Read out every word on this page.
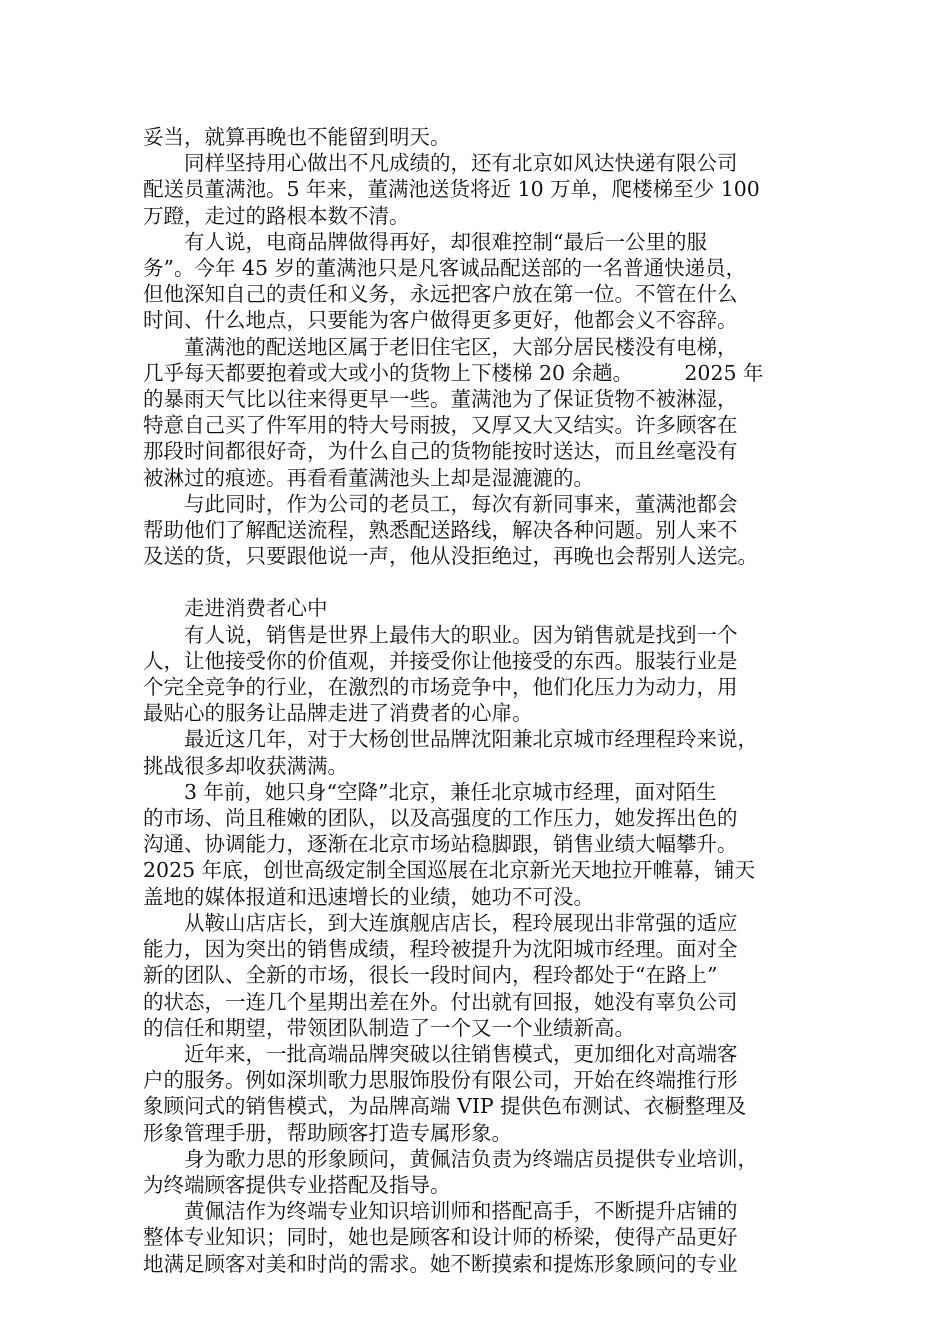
妥当，就算再晚也不能留到明天。
　　同样坚持用心做出不凡成绩的，还有北京如风达快递有限公司
配送员董满池。5 年来，董满池送货将近 10 万单，爬楼梯至少 100
万蹬，走过的路根本数不清。
　　有人说，电商品牌做得再好，却很难控制“最后一公里的服
务”。今年 45 岁的董满池只是凡客诚品配送部的一名普通快递员，
但他深知自己的责任和义务，永远把客户放在第一位。不管在什么
时间、什么地点，只要能为客户做得更多更好，他都会义不容辞。
　　董满池的配送地区属于老旧住宅区，大部分居民楼没有电梯，
几乎每天都要抱着或大或小的货物上下楼梯 20 余趟。　　　2025 年
的暴雨天气比以往来得更早一些。董满池为了保证货物不被淋湿，
特意自己买了件军用的特大号雨披，又厚又大又结实。许多顾客在
那段时间都很好奇，为什么自己的货物能按时送达，而且丝毫没有
被淋过的痕迹。再看看董满池头上却是湿漉漉的。
　　与此同时，作为公司的老员工，每次有新同事来，董满池都会
帮助他们了解配送流程，熟悉配送路线，解决各种问题。别人来不
及送的货，只要跟他说一声，他从没拒绝过，再晚也会帮别人送完。
　　走进消费者心中
　　有人说，销售是世界上最伟大的职业。因为销售就是找到一个
人，让他接受你的价值观，并接受你让他接受的东西。服装行业是
个完全竞争的行业，在激烈的市场竞争中，他们化压力为动力，用
最贴心的服务让品牌走进了消费者的心扉。
　　最近这几年，对于大杨创世品牌沈阳兼北京城市经理程玲来说，
挑战很多却收获满满。
　　3 年前，她只身“空降”北京，兼任北京城市经理，面对陌生
的市场、尚且稚嫩的团队，以及高强度的工作压力，她发挥出色的
沟通、协调能力，逐渐在北京市场站稳脚跟，销售业绩大幅攀升。
2025 年底，创世高级定制全国巡展在北京新光天地拉开帷幕，铺天
盖地的媒体报道和迅速增长的业绩，她功不可没。
　　从鞍山店店长，到大连旗舰店店长，程玲展现出非常强的适应
能力，因为突出的销售成绩，程玲被提升为沈阳城市经理。面对全
新的团队、全新的市场，很长一段时间内，程玲都处于“在路上”
的状态，一连几个星期出差在外。付出就有回报，她没有辜负公司
的信任和期望，带领团队制造了一个又一个业绩新高。
　　近年来，一批高端品牌突破以往销售模式，更加细化对高端客
户的服务。例如深圳歌力思服饰股份有限公司，开始在终端推行形
象顾问式的销售模式，为品牌高端 VIP 提供色布测试、衣橱整理及
形象管理手册，帮助顾客打造专属形象。
　　身为歌力思的形象顾问，黄佩洁负责为终端店员提供专业培训，
为终端顾客提供专业搭配及指导。
　　黄佩洁作为终端专业知识培训师和搭配高手，不断提升店铺的
整体专业知识；同时，她也是顾客和设计师的桥梁，使得产品更好
地满足顾客对美和时尚的需求。她不断摸索和提炼形象顾问的专业
